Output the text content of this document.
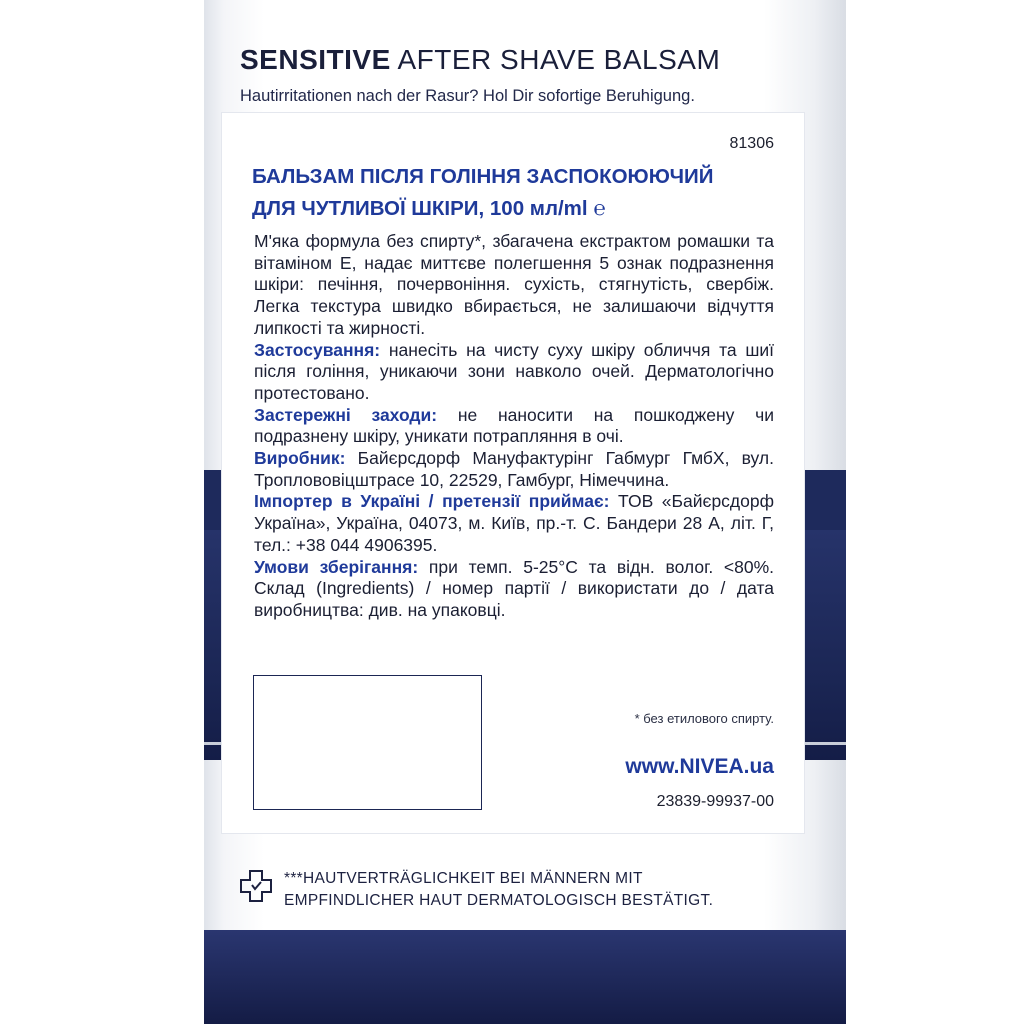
SENSITIVE AFTER SHAVE BALSAM
Hautirritationen nach der Rasur? Hol Dir sofortige Beruhigung.
81306
БАЛЬЗАМ ПІСЛЯ ГОЛІННЯ ЗАСПОКОЮЮЧИЙ
ДЛЯ ЧУТЛИВОЇ ШКІРИ, 100 мл/ml ℮

М'яка формула без спирту*, збагачена екстрактом ромашки та вітаміном Е, надає миттєве полегшення 5 ознак подразнення шкіри: печіння, почервоніння. сухість, стягнутість, свербіж. Легка текстура швидко вбирається, не залишаючи відчуття липкості та жирності.

Застосування: нанесіть на чисту суху шкіру обличчя та шиї після гоління, уникаючи зони навколо очей. Дерматологічно протестовано.

Застережні заходи: не наносити на пошкоджену чи подразнену шкіру, уникати потрапляння в очі.

Виробник: Байєрсдорф Мануфактурінг Габмург ГмбХ, вул. Троплововіцштрасе 10, 22529, Гамбург, Німеччина.

Імпортер в Україні / претензії приймає: ТОВ «Байєрсдорф Україна», Україна, 04073, м. Київ, пр.-т. С. Бандери 28 А, літ. Г, тел.: +38 044 4906395.

Умови зберігання: при темп. 5-25°С та відн. волог. <80%. Склад (Ingredients) / номер партії / використати до / дата виробництва: див. на упаковці.

* без етилового спирту.
www.NIVEA.ua
23839-99937-00
***HAUTVERTRÄGLICHKEIT BEI MÄNNERN MIT
EMPFINDLICHER HAUT DERMATOLOGISCH BESTÄTIGT.
